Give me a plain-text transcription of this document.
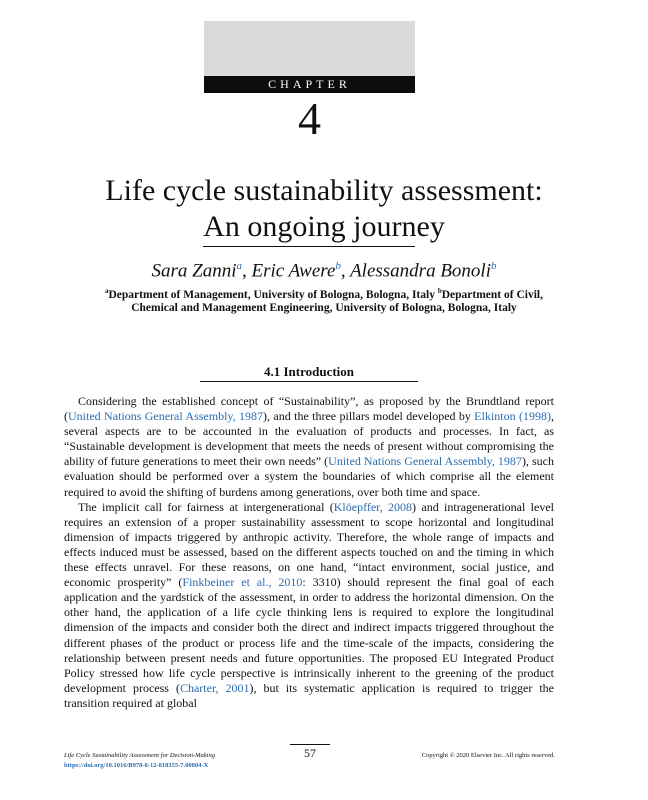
CHAPTER
4
Life cycle sustainability assessment:
An ongoing journey
Sara Zanni$^a$, Eric Awere$^b$, Alessandra Bonoli$^b$
$^a$Department of Management, University of Bologna, Bologna, Italy $^b$Department of Civil,
Chemical and Management Engineering, University of Bologna, Bologna, Italy
4.1 Introduction

Considering the established concept of “Sustainability”, as proposed by the Brundtland report (United Nations General Assembly, 1987), and the three pillars model developed by Elkinton (1998), several aspects are to be accounted in the evaluation of products and processes. In fact, as “Sustainable development is development that meets the needs of present without compromising the ability of future generations to meet their own needs” (United Nations General Assembly, 1987), such evaluation should be performed over a system the boundaries of which comprise all the element required to avoid the shifting of burdens among generations, over both time and space.

The implicit call for fairness at intergenerational (Klöepffer, 2008) and intragenerational level requires an extension of a proper sustainability assessment to scope horizontal and longitudinal dimension of impacts triggered by anthropic activity. Therefore, the whole range of impacts and effects induced must be assessed, based on the different aspects touched on and the timing in which these effects unravel. For these reasons, on one hand, “intact environment, social justice, and economic prosperity” (Finkbeiner et al., 2010: 3310) should represent the final goal of each application and the yardstick of the assessment, in order to address the horizontal dimension. On the other hand, the application of a life cycle thinking lens is required to explore the longitudinal dimension of the impacts and consider both the direct and indirect impacts triggered throughout the different phases of the product or process life and the time-scale of the impacts, considering the relationship between present needs and future opportunities. The proposed EU Integrated Product Policy stressed how life cycle perspective is intrinsically inherent to the greening of the product development process (Charter, 2001), but its systematic application is required to trigger the transition required at global

Life Cycle Sustainability Assessment for Decision-Making
https://doi.org/10.1016/B978-0-12-818355-7.00004-X
57	Copyright © 2020 Elsevier Inc. All rights reserved.
